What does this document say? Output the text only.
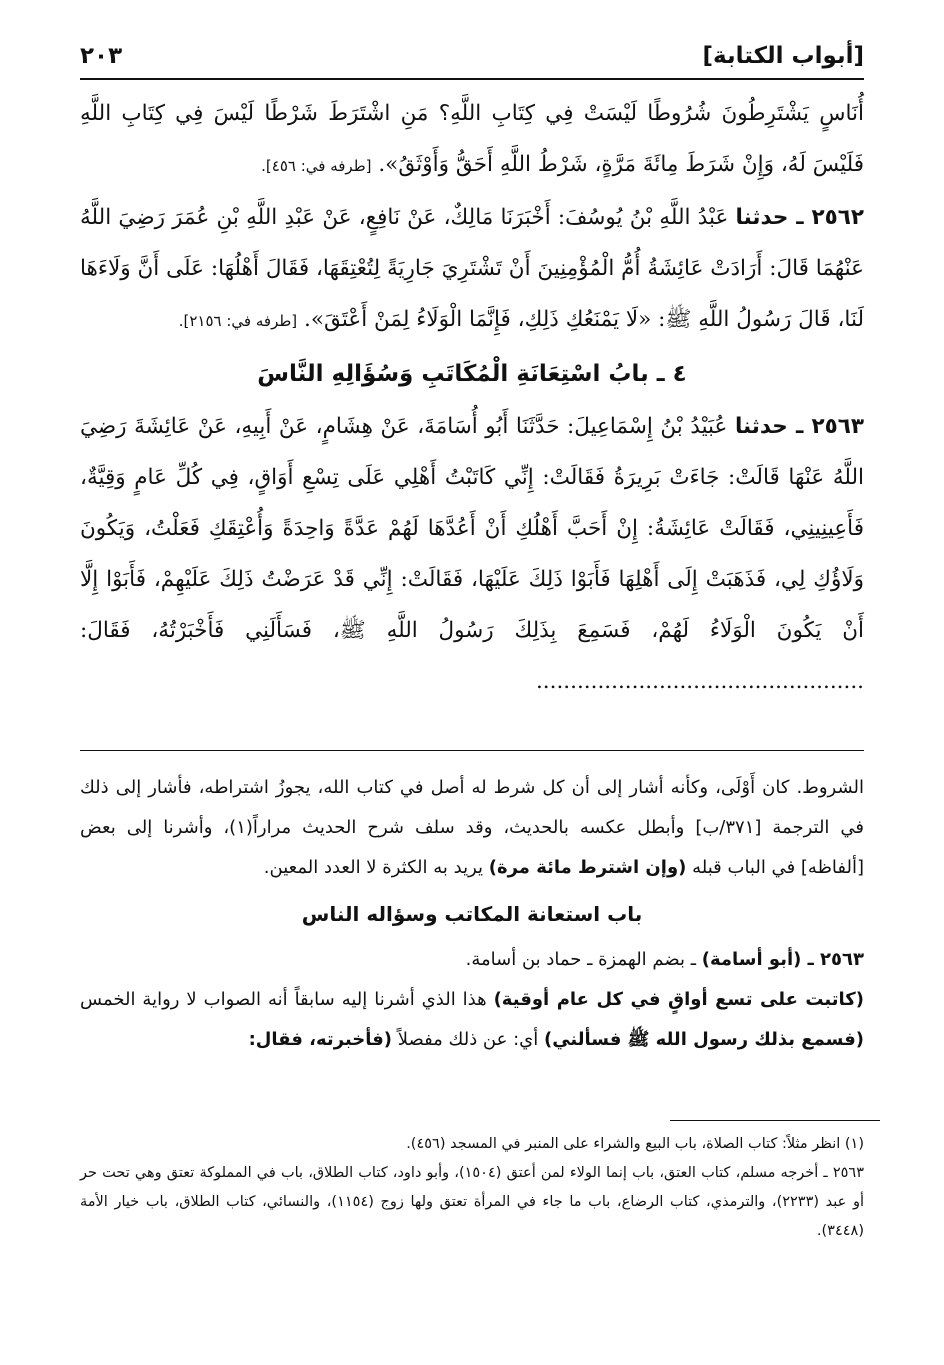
[أبواب الكتابة]
٢٠٣

أُنَاسٍ يَشْتَرِطُونَ شُرُوطًا لَيْسَتْ فِي كِتَابِ اللَّهِ؟ مَنِ اشْتَرَطَ شَرْطًا لَيْسَ فِي كِتَابِ اللَّهِ فَلَيْسَ لَهُ، وَإِنْ شَرَطَ مِائَةَ مَرَّةٍ، شَرْطُ اللَّهِ أَحَقُّ وَأَوْثَقُ». [طرفه في: ٤٥٦].

٢٥٦٢ ـ حدثنا عَبْدُ اللَّهِ بْنُ يُوسُفَ: أَخْبَرَنَا مَالِكٌ، عَنْ نَافِعٍ، عَنْ عَبْدِ اللَّهِ بْنِ عُمَرَ رَضِيَ اللَّهُ عَنْهُمَا قَالَ: أَرَادَتْ عَائِشَةُ أُمُّ الْمُؤْمِنِينَ أَنْ تَشْتَرِيَ جَارِيَةً لِتُعْتِقَهَا، فَقَالَ أَهْلُهَا: عَلَى أَنَّ وَلَاءَهَا لَنَا، قَالَ رَسُولُ اللَّهِ ﷺ: «لَا يَمْنَعُكِ ذَلِكِ، فَإِنَّمَا الْوَلَاءُ لِمَنْ أَعْتَقَ». [طرفه في: ٢١٥٦].

٤ ـ بابُ اسْتِعَانَةِ الْمُكَاتَبِ وَسُؤَالِهِ النَّاسَ

٢٥٦٣ ـ حدثنا عُبَيْدُ بْنُ إِسْمَاعِيلَ: حَدَّثَنَا أَبُو أُسَامَةَ، عَنْ هِشَامٍ، عَنْ أَبِيهِ، عَنْ عَائِشَةَ رَضِيَ اللَّهُ عَنْهَا قَالَتْ: جَاءَتْ بَرِيرَةُ فَقَالَتْ: إِنِّي كَاتَبْتُ أَهْلِي عَلَى تِسْعِ أَوَاقٍ، فِي كُلِّ عَامٍ وَقِيَّةٌ، فَأَعِينِينِي، فَقَالَتْ عَائِشَةُ: إِنْ أَحَبَّ أَهْلُكِ أَنْ أَعُدَّهَا لَهُمْ عَدَّةً وَاحِدَةً وَأُعْتِقَكِ فَعَلْتُ، وَيَكُونَ وَلَاؤُكِ لِي، فَذَهَبَتْ إِلَى أَهْلِهَا فَأَبَوْا ذَلِكَ عَلَيْهَا، فَقَالَتْ: إِنِّي قَدْ عَرَضْتُ ذَلِكَ عَلَيْهِمْ، فَأَبَوْا إِلَّا أَنْ يَكُونَ الْوَلَاءُ لَهُمْ، فَسَمِعَ بِذَلِكَ رَسُولُ اللَّهِ ﷺ، فَسَأَلَنِي فَأَخْبَرْتُهُ، فَقَالَ: ................................................

الشروط. كان أَوْلَى، وكأنه أشار إلى أن كل شرط له أصل في كتاب الله، يجوزُ اشتراطه، فأشار إلى ذلك في الترجمة [٣٧١/ب] وأبطل عكسه بالحديث، وقد سلف شرح الحديث مراراً(١)، وأشرنا إلى بعض [ألفاظه] في الباب قبله (وإن اشترط مائة مرة) يريد به الكثرة لا العدد المعين.

باب استعانة المكاتب وسؤاله الناس

٢٥٦٣ ـ (أبو أسامة) ـ بضم الهمزة ـ حماد بن أسامة.

(كاتبت على تسع أواقٍ في كل عام أوقية) هذا الذي أشرنا إليه سابقاً أنه الصواب لا رواية الخمس (فسمع بذلك رسول الله ﷺ فسألني) أي: عن ذلك مفصلاً (فأخبرته، فقال:

(١) انظر مثلاً: كتاب الصلاة، باب البيع والشراء على المنبر في المسجد (٤٥٦).

٢٥٦٣ ـ أخرجه مسلم، كتاب العتق، باب إنما الولاء لمن أعتق (١٥٠٤)، وأبو داود، كتاب الطلاق، باب في المملوكة تعتق وهي تحت حر أو عبد (٢٢٣٣)، والترمذي، كتاب الرضاع، باب ما جاء في المرأة تعتق ولها زوج (١١٥٤)، والنسائي، كتاب الطلاق، باب خيار الأمة (٣٤٤٨).
